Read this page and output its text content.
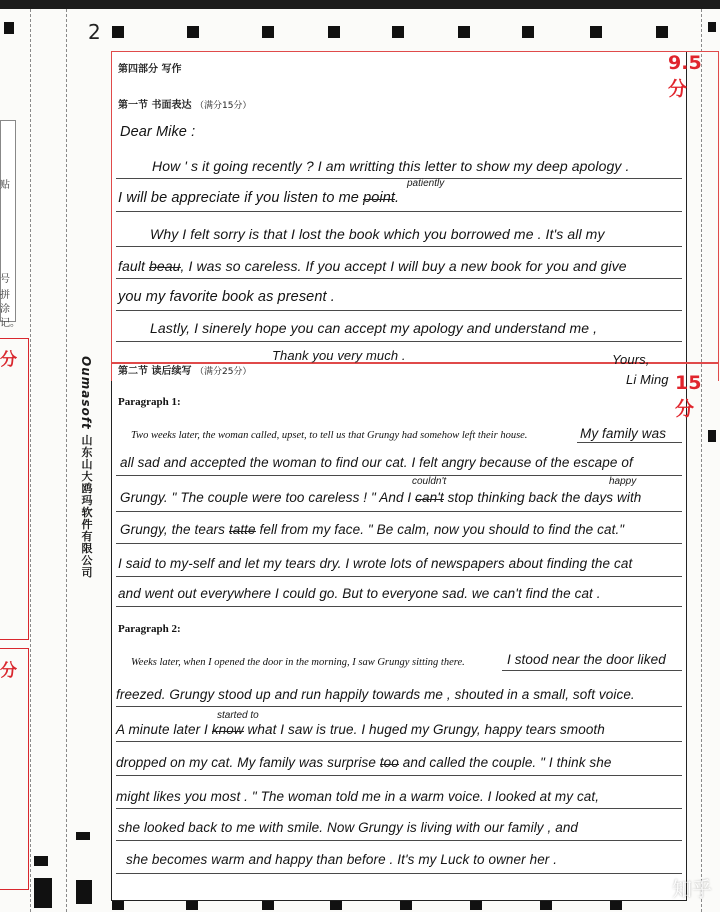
贴
号
拼
涂
记。
分
分
Oumasoft 山东山大鸥玛软件有限公司
2
9.5分
15分
第四部分 写作
第一节 书面表达 （满分15分）
Dear Mike :
How ' s it going recently ? I am writting this letter to show my deep apology .
I will be appreciate if you listen to me point
.
patiently
Why I felt sorry is that I lost the book which you borrowed me . It's all my
fault beau
, I was so careless. If you accept I will buy a new book for you and give
you my favorite book as present .
Lastly, I sinerely hope you can accept my apology and understand me ,
Thank you very much .	Yours,
Li Ming
第二节 读后续写 （满分25分）
Paragraph 1:
Two weeks later, the woman called, upset, to tell us that Grungy had somehow left their house.	My family was
all sad and accepted the woman to find our cat. I felt angry because of the escape of
Grungy. " The couple were too careless ! " And I can't
stop thinking back the days with
couldn't	happy
Grungy, the tears tatte
fell from my face. " Be calm, now you should to find the cat."
I said to my-self and let my tears dry. I wrote lots of newspapers about finding the cat
and went out everywhere I could go. But to everyone sad. we can't find the cat .
Paragraph 2:
Weeks later, when I opened the door in the morning, I saw Grungy sitting there.	I stood near the door liked
freezed. Grungy stood up and run happily towards me , shouted in a small, soft voice.
A minute later I know
what I saw is true. I huged my Grungy, happy tears smooth
started to
dropped on my cat. My family was surprise too
and called the couple. " I think she
might likes you most . " The woman told me in a warm voice. I looked at my cat,
she looked back to me with smile. Now Grungy is living with our family , and
she becomes warm and happy than before . It's my Luck to owner her .
知乎
